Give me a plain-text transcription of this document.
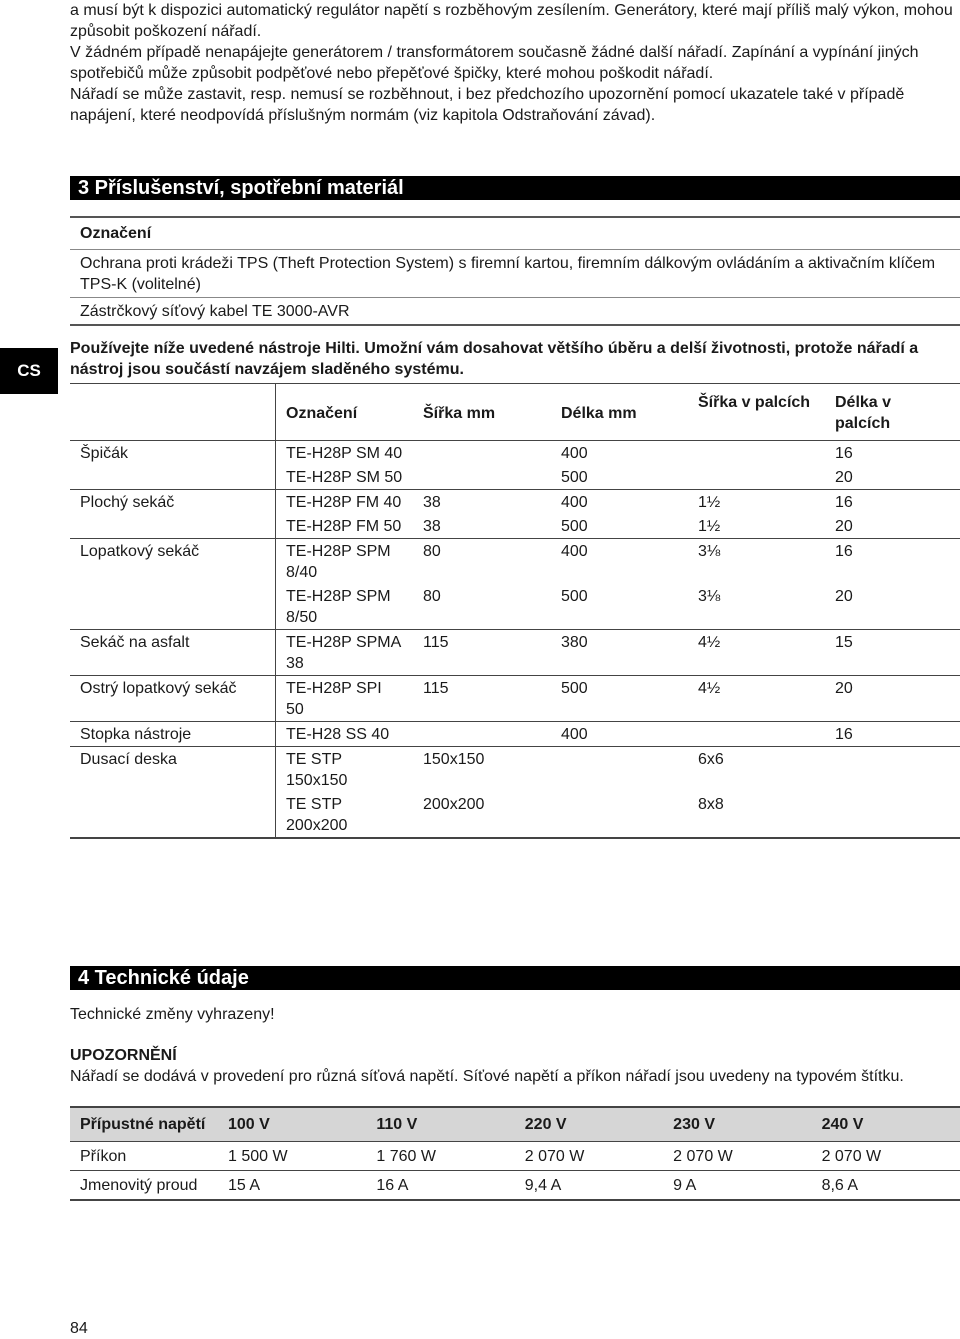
a musí být k dispozici automatický regulátor napětí s rozběhovým zesílením. Generátory, které mají příliš malý výkon, mohou způsobit poškození nářadí.

V žádném případě nenapájejte generátorem / transformátorem současně žádné další nářadí. Zapínání a vypínání jiných spotřebičů může způsobit podpěťové nebo přepěťové špičky, které mohou poškodit nářadí.

Nářadí se může zastavit, resp. nemusí se rozběhnout, i bez předchozího upozornění pomocí ukazatele také v případě napájení, které neodpovídá příslušným normám (viz kapitola Odstraňování závad).

3 Příslušenství, spotřební materiál
Označení
Ochrana proti krádeži TPS (Theft Protection System) s firemní kartou, firemním dálkovým ovládáním a aktivačním klíčem TPS-K (volitelné)
Zástrčkový síťový kabel TE 3000-AVR
CS
Používejte níže uvedené nástroje Hilti. Umožní vám dosahovat většího úběru a delší životnosti, protože nářadí a nástroj jsou součástí navzájem sladěného systému.
	Označení	Šířka mm	Délka mm	Šířka v palcích	Délka v palcích
Špičák	TE-H28P SM 40		400		16
	TE-H28P SM 50		500		20
Plochý sekáč	TE-H28P FM 40	38	400	1½	16
	TE-H28P FM 50	38	500	1½	20
Lopatkový sekáč	TE-H28P SPM 8/40	80	400	3⅛	16
	TE-H28P SPM 8/50	80	500	3⅛	20
Sekáč na asfalt	TE-H28P SPMA 38	115	380	4½	15
Ostrý lopatkový sekáč	TE-H28P SPI 50	115	500	4½	20
Stopka nástroje	TE-H28 SS 40		400		16
Dusací deska	TE STP 150x150	150x150		6x6	
	TE STP 200x200	200x200		8x8	
4 Technické údaje
Technické změny vyhrazeny!
UPOZORNĚNÍ
Nářadí se dodává v provedení pro různá síťová napětí. Síťové napětí a příkon nářadí jsou uvedeny na typovém štítku.
Přípustné napětí	100 V	110 V	220 V	230 V	240 V
Příkon	1 500 W	1 760 W	2 070 W	2 070 W	2 070 W
Jmenovitý proud	15 A	16 A	9,4 A	9 A	8,6 A
84
